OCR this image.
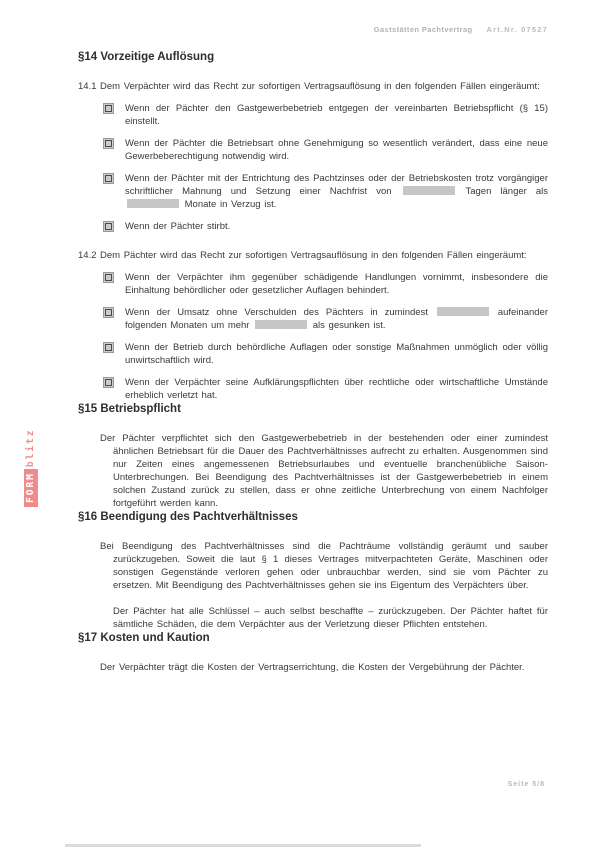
Gaststätten Pachtvertrag Art.Nr. 07527
FORM
blitz
§14 Vorzeitige Auflösung
14.1 Dem Verpächter wird das Recht zur sofortigen Vertragsauflösung in den folgenden Fällen eingeräumt:
Wenn der Pächter den Gastgewerbebetrieb entgegen der vereinbarten Betriebspflicht (§ 15) einstellt.
Wenn der Pächter die Betriebsart ohne Genehmigung so wesentlich verändert, dass eine neue Gewerbeberechtigung notwendig wird.
Wenn der Pächter mit der Entrichtung des Pachtzinses oder der Betriebskosten trotz vorgängiger schriftlicher Mahnung und Setzung einer Nachfrist von	Tagen länger als  Monate in Verzug ist.
Wenn der Pächter stirbt.
14.2 Dem Pächter wird das Recht zur sofortigen Vertragsauflösung in den folgenden Fällen eingeräumt:
Wenn der Verpächter ihm gegenüber schädigende Handlungen vornimmt, insbesondere die Einhaltung behördlicher oder gesetzlicher Auflagen behindert.
Wenn der Umsatz ohne Verschulden des Pächters in zumindest	aufeinander folgenden Monaten um mehr	als gesunken ist.
Wenn der Betrieb durch behördliche Auflagen oder sonstige Maßnahmen unmöglich oder völlig unwirtschaftlich wird.
Wenn der Verpächter seine Aufklärungspflichten über rechtliche oder wirtschaftliche Umstände erheblich verletzt hat.
§15 Betriebspflicht
Der Pächter verpflichtet sich den Gastgewerbebetrieb in der bestehenden oder einer zumindest ähnlichen Betriebsart für die Dauer des Pachtverhältnisses aufrecht zu erhalten. Ausgenommen sind nur Zeiten eines angemessenen Betriebsurlaubes und eventuelle branchenübliche Saison-Unterbrechungen. Bei Beendigung des Pachtverhältnisses ist der Gastgewerbebetrieb in einem solchen Zustand zurück zu stellen, dass er ohne zeitliche Unterbrechung von einem Nachfolger fortgeführt werden kann.
§16 Beendigung des Pachtverhältnisses
Bei Beendigung des Pachtverhältnisses sind die Pachträume vollständig geräumt und sauber zurückzugeben. Soweit die laut § 1 dieses Vertrages mitverpachteten Geräte, Maschinen oder sonstigen Gegenstände verloren gehen oder unbrauchbar werden, sind sie vom Pächter zu ersetzen. Mit Beendigung des Pachtverhältnisses gehen sie ins Eigentum des Verpächters über.
Der Pächter hat alle Schlüssel – auch selbst beschaffte – zurückzugeben. Der Pächter haftet für sämtliche Schäden, die dem Verpächter aus der Verletzung dieser Pflichten entstehen.
§17 Kosten und Kaution
Der Verpächter trägt die Kosten der Vertragserrichtung, die Kosten der Vergebührung der Pächter.
Seite 5/8
